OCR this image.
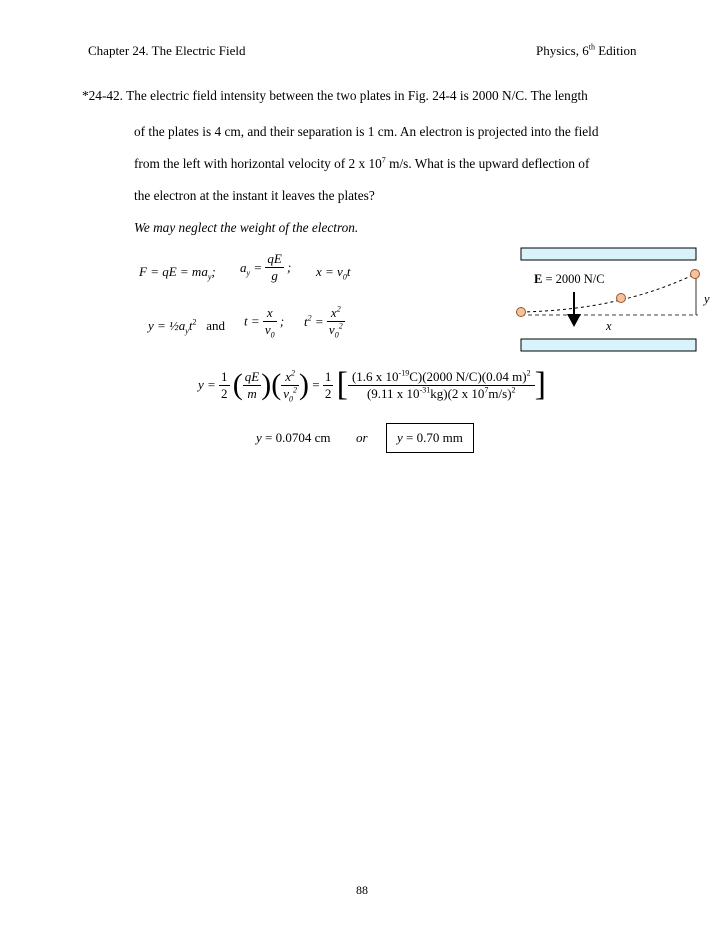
Chapter 24. The Electric Field	Physics, 6th Edition
*24-42. The electric field intensity between the two plates in Fig. 24-4 is 2000 N/C. The length
of the plates is 4 cm, and their separation is 1 cm. An electron is projected into the field
from the left with horizontal velocity of 2 x $10^7$ m/s. What is the upward deflection of
the electron at the instant it leaves the plates?
We may neglect the weight of the electron.
F = qE = $ma_y$; $a_y = \frac{qE}{g}$ ; $x = v_0t$
$y = \frac{1}{2}a_yt^2$ and $t = \frac{x}{v_0}$ ; $t^2 = \frac{x^2}{v_0^2}$
$y = \frac{1}{2}$ ( $\frac{qE}{m}$ )( $\frac{x^2}{v_0^2}$ ) = $\frac{1}{2}$ [ $\frac{(1.6 x 10^{-19}C)(2000 N/C)(0.04 m)^2}{(9.11 x 10^{-31}kg)(2 x 10^7m/s)^2}$ ]
y = 0.0704 cm or	y = 0.70 mm
E = 2000 N/C
x
y
88
